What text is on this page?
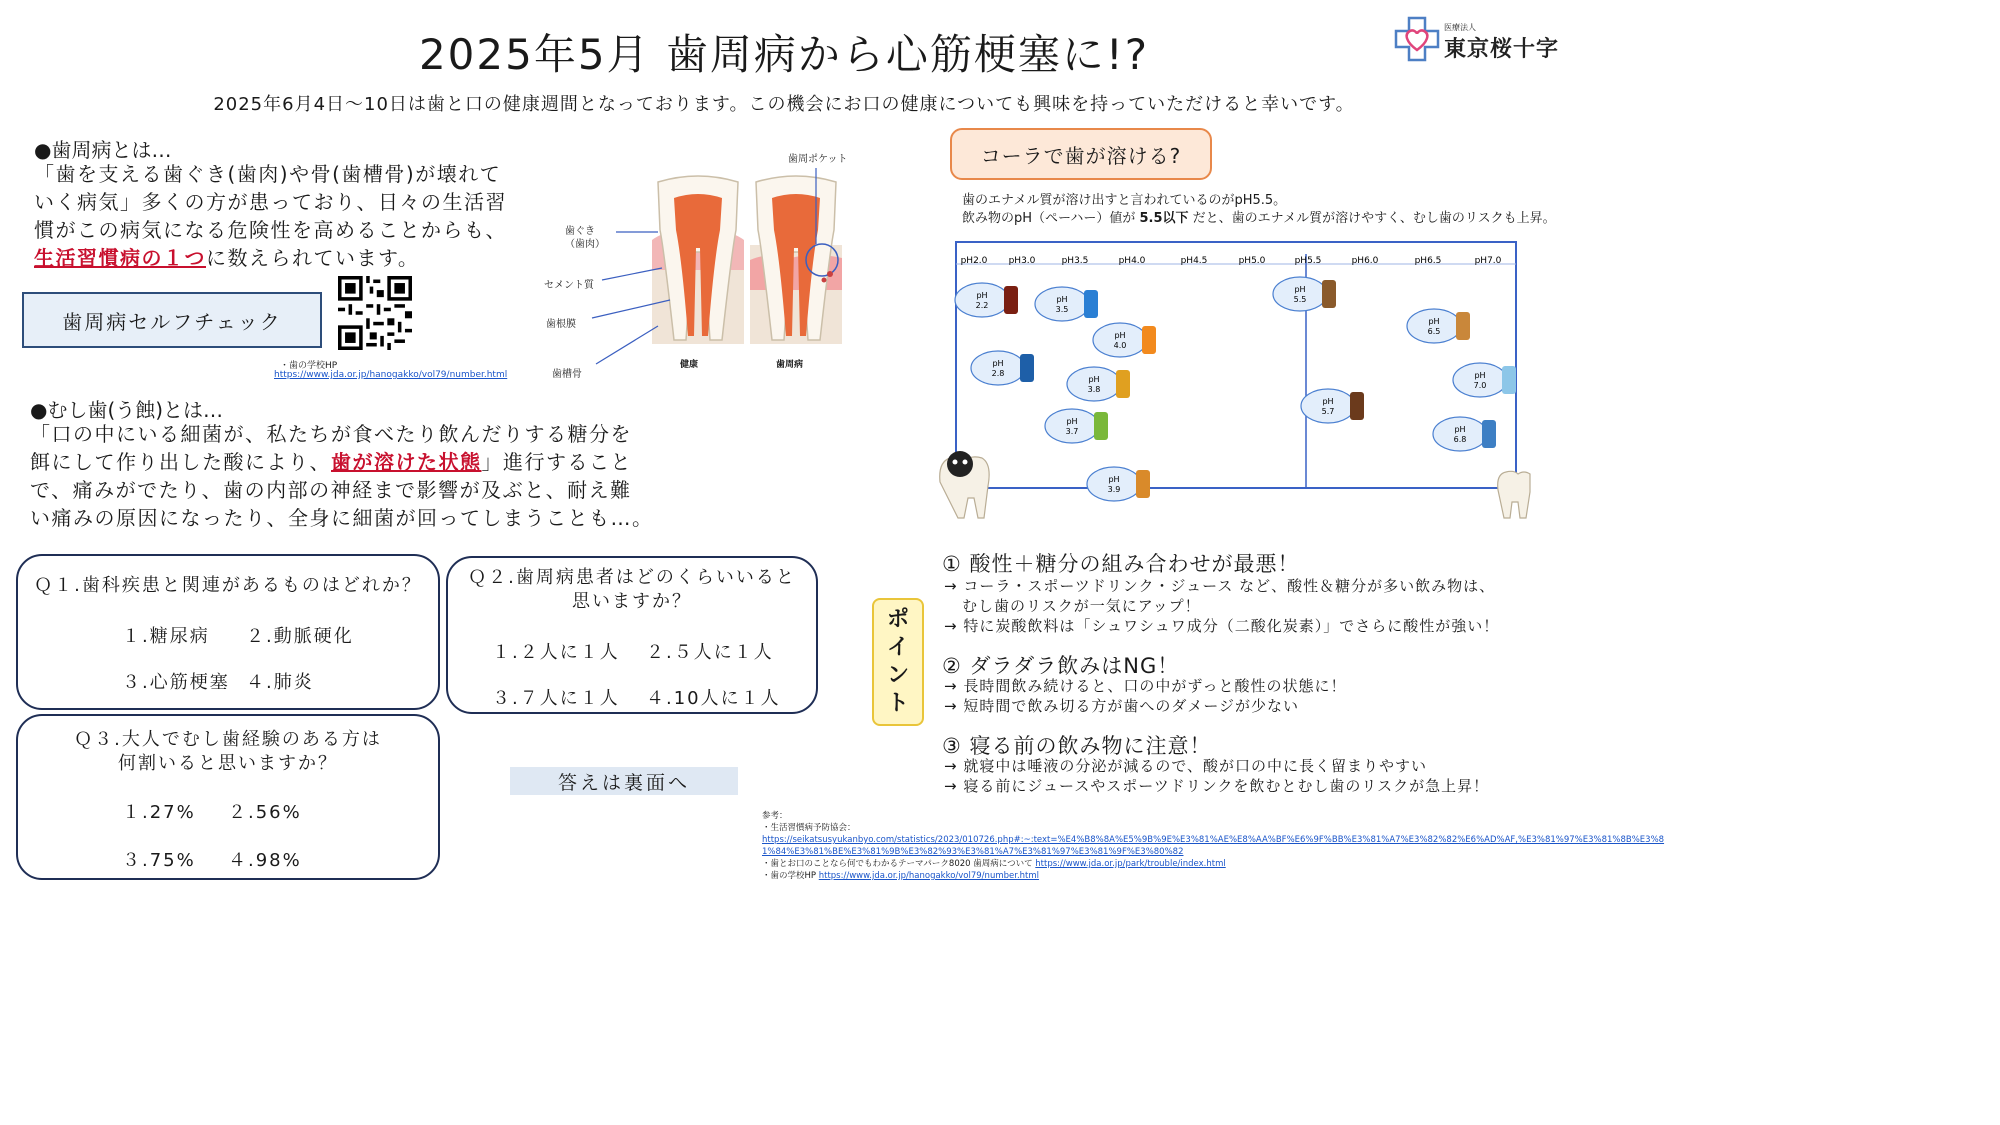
2025年5月 歯周病から心筋梗塞に!?
2025年6月4日～10日は歯と口の健康週間となっております。この機会にお口の健康についても興味を持っていただけると幸いです。
医療法人
東京桜十字
●歯周病とは…
「歯を支える歯ぐき(歯肉)や骨(歯槽骨)が壊れて
いく病気」多くの方が患っており、日々の生活習
慣がこの病気になる危険性を高めることからも、
生活習慣病の１つに数えられています。
歯周病セルフチェック
・歯の学校HP
https://www.jda.or.jp/hanogakko/vol79/number.html
歯周ポケット
歯ぐき
（歯肉）
セメント質
歯根膜
歯槽骨
健康	歯周病
●むし歯(う蝕)とは…
「口の中にいる細菌が、私たちが食べたり飲んだりする糖分を
餌にして作り出した酸により、歯が溶けた状態」進行すること
で、痛みがでたり、歯の内部の神経まで影響が及ぶと、耐え難
い痛みの原因になったり、全身に細菌が回ってしまうことも…。
Ｑ１.歯科疾患と関連があるものはどれか？
１.糖尿病 ２.動脈硬化
３.心筋梗塞 ４.肺炎
Ｑ２.歯周病患者はどのくらいいると
思いますか？
１.２人に１人 ２.５人に１人
３.７人に１人 ４.10人に１人
Ｑ３.大人でむし歯経験のある方は
何割いると思いますか？
１.27% ２.56%
３.75% ４.98%
答えは裏面へ
コーラで歯が溶ける?
歯のエナメル質が溶け出すと言われているのがpH5.5。
飲み物のpH（ペーハー）値が 5.5以下 だと、歯のエナメル質が溶けやすく、むし歯のリスクも上昇。
pH2.0 pH3.0	pH3.5	pH4.0	pH4.5	pH5.0	pH5.5	pH6.0	pH6.5	pH7.0
pH
2.2
pH
3.5
pH
4.0
pH
2.8
pH
3.8
pH
3.7
pH
3.9
pH
5.5
pH
5.7
pH
6.5
pH
7.0
pH
6.8
ポ
イ
ン
ト
① 酸性＋糖分の組み合わせが最悪！
→ コーラ・スポーツドリンク・ジュース など、酸性＆糖分が多い飲み物は、
むし歯のリスクが一気にアップ！
→ 特に炭酸飲料は「シュワシュワ成分（二酸化炭素）」でさらに酸性が強い！
② ダラダラ飲みはNG！
→ 長時間飲み続けると、口の中がずっと酸性の状態に！
→ 短時間で飲み切る方が歯へのダメージが少ない
③ 寝る前の飲み物に注意！
→ 就寝中は唾液の分泌が減るので、酸が口の中に長く留まりやすい
→ 寝る前にジュースやスポーツドリンクを飲むとむし歯のリスクが急上昇！
参考：
・生活習慣病予防協会：
https://seikatsusyukanbyo.com/statistics/2023/010726.php#:~:text=%E4%B8%8A%E5%9B%9E%E3%81%AE%E8%AA%BF%E6%9F%BB%E3%81%A7%E3%82%82%E6%AD%AF,%E3%81%97%E3%81%8B%E3%8
1%84%E3%81%BE%E3%81%9B%E3%82%93%E3%81%A7%E3%81%97%E3%81%9F%E3%80%82
・歯とお口のことなら何でもわかるテーマパーク8020 歯周病について https://www.jda.or.jp/park/trouble/index.html
・歯の学校HP https://www.jda.or.jp/hanogakko/vol79/number.html
